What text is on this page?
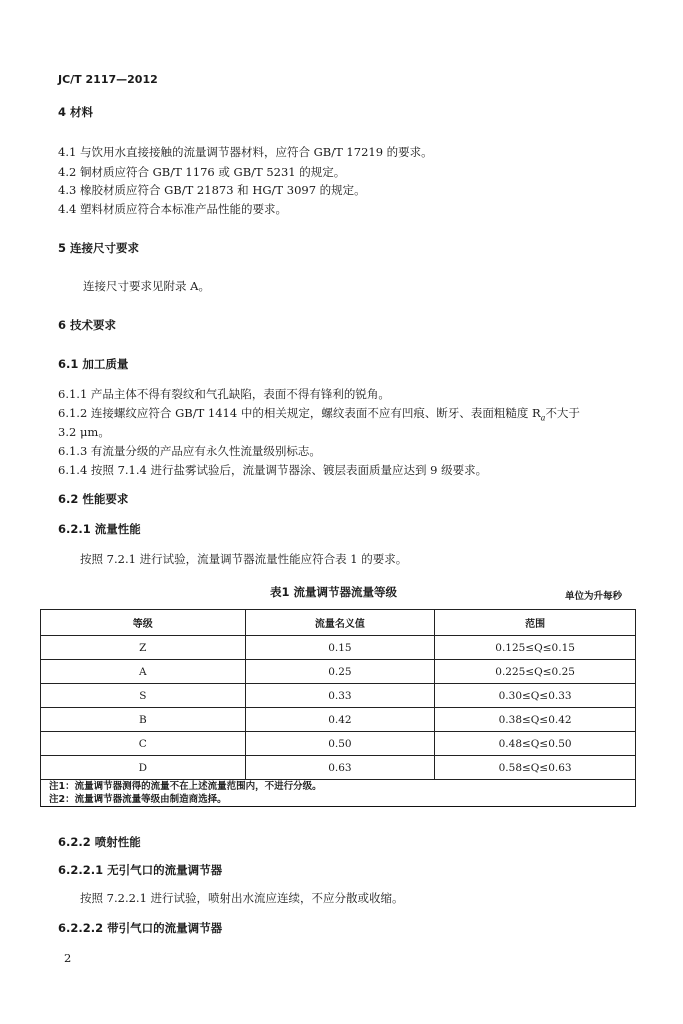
JC/T 2117—2012
4 材料
4.1 与饮用水直接接触的流量调节器材料，应符合 GB/T 17219 的要求。
4.2 铜材质应符合 GB/T 1176 或 GB/T 5231 的规定。
4.3 橡胶材质应符合 GB/T 21873 和 HG/T 3097 的规定。
4.4 塑料材质应符合本标准产品性能的要求。
5 连接尺寸要求
连接尺寸要求见附录 A。
6 技术要求
6.1 加工质量
6.1.1 产品主体不得有裂纹和气孔缺陷，表面不得有锋利的锐角。
6.1.2 连接螺纹应符合 GB/T 1414 中的相关规定，螺纹表面不应有凹痕、断牙、表面粗糙度 $R_a$不大于
3.2 μm。
6.1.3 有流量分级的产品应有永久性流量级别标志。
6.1.4 按照 7.1.4 进行盐雾试验后，流量调节器涂、镀层表面质量应达到 9 级要求。
6.2 性能要求
6.2.1 流量性能
按照 7.2.1 进行试验，流量调节器流量性能应符合表 1 的要求。
表1 流量调节器流量等级	单位为升每秒
等级	流量名义值	范围
Z	0.15	0.125≤Q≤0.15
A	0.25	0.225≤Q≤0.25
S	0.33	0.30≤Q≤0.33
B	0.42	0.38≤Q≤0.42
C	0.50	0.48≤Q≤0.50
D	0.63	0.58≤Q≤0.63
注1：流量调节器测得的流量不在上述流量范围内，不进行分级。		
注2：流量调节器流量等级由制造商选择。		
6.2.2 喷射性能
6.2.2.1 无引气口的流量调节器
按照 7.2.2.1 进行试验，喷射出水流应连续，不应分散或收缩。
6.2.2.2 带引气口的流量调节器
2
